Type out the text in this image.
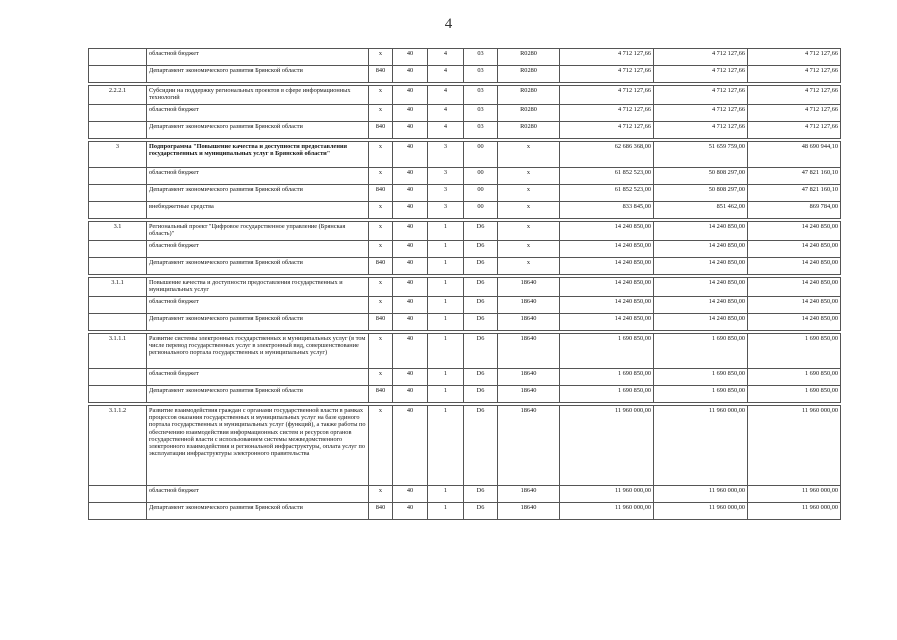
4
	областной бюджет	x	40	4	03	R0280	4 712 127,66	4 712 127,66	4 712 127,66
	Департамент экономического развития Брянской области	840	40	4	03	R0280	4 712 127,66	4 712 127,66	4 712 127,66

2.2.2.1	Субсидии на поддержку региональных проектов в сфере информационных технологий	x	40	4	03	R0280	4 712 127,66	4 712 127,66	4 712 127,66
	областной бюджет	x	40	4	03	R0280	4 712 127,66	4 712 127,66	4 712 127,66
	Департамент экономического развития Брянской области	840	40	4	03	R0280	4 712 127,66	4 712 127,66	4 712 127,66

3	Подпрограмма "Повышение качества и доступности предоставления государственных и муниципальных услуг в Брянской области"	x	40	3	00	x	62 686 368,00	51 659 759,00	48 690 944,10
	областной бюджет	x	40	3	00	x	61 852 523,00	50 808 297,00	47 821 160,10
	Департамент экономического развития Брянской области	840	40	3	00	x	61 852 523,00	50 808 297,00	47 821 160,10
	внебюджетные средства	x	40	3	00	x	833 845,00	851 462,00	869 784,00

3.1	Региональный проект "Цифровое государственное управление (Брянская область)"	x	40	1	D6	x	14 240 850,00	14 240 850,00	14 240 850,00
	областной бюджет	x	40	1	D6	x	14 240 850,00	14 240 850,00	14 240 850,00
	Департамент экономического развития Брянской области	840	40	1	D6	x	14 240 850,00	14 240 850,00	14 240 850,00

3.1.1	Повышение качества и доступности предоставления государственных и муниципальных услуг	x	40	1	D6	18640	14 240 850,00	14 240 850,00	14 240 850,00
	областной бюджет	x	40	1	D6	18640	14 240 850,00	14 240 850,00	14 240 850,00
	Департамент экономического развития Брянской области	840	40	1	D6	18640	14 240 850,00	14 240 850,00	14 240 850,00

3.1.1.1	Развитие системы электронных государственных и муниципальных услуг (в том числе перевод государственных услуг в электронный вид, совершенствование регионального портала государственных и муниципальных услуг)	x	40	1	D6	18640	1 690 850,00	1 690 850,00	1 690 850,00
	областной бюджет	x	40	1	D6	18640	1 690 850,00	1 690 850,00	1 690 850,00
	Департамент экономического развития Брянской области	840	40	1	D6	18640	1 690 850,00	1 690 850,00	1 690 850,00

3.1.1.2	Развитие взаимодействия граждан с органами государственной власти в рамках процессов оказания государственных и муниципальных услуг на базе единого портала государственных и муниципальных услуг (функций), а также работы по обеспечению взаимодействия информационных систем и ресурсов органов государственной власти с использованием системы межведомственного электронного взаимодействия и региональной инфраструктуры, оплата услуг по эксплуатации инфраструктуры электронного правительства	x	40	1	D6	18640	11 960 000,00	11 960 000,00	11 960 000,00
	областной бюджет	x	40	1	D6	18640	11 960 000,00	11 960 000,00	11 960 000,00
	Департамент экономического развития Брянской области	840	40	1	D6	18640	11 960 000,00	11 960 000,00	11 960 000,00
